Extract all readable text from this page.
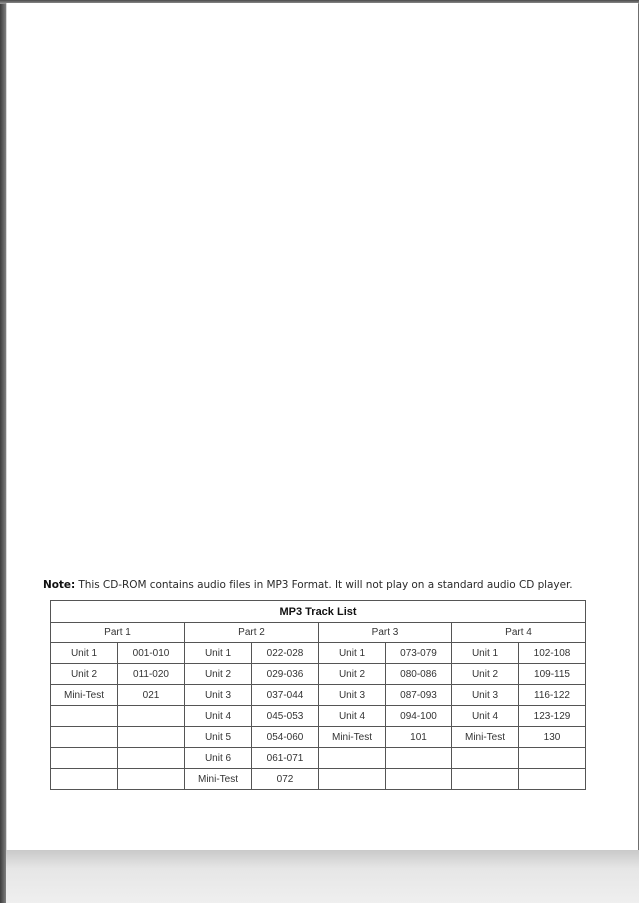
Note: This CD-ROM contains audio files in MP3 Format. It will not play on a standard audio CD player.
MP3 Track List							
Part 1		Part 2		Part 3		Part 4	
Unit 1	001-010	Unit 1	022-028	Unit 1	073-079	Unit 1	102-108
Unit 2	011-020	Unit 2	029-036	Unit 2	080-086	Unit 2	109-115
Mini-Test	021	Unit 3	037-044	Unit 3	087-093	Unit 3	116-122
		Unit 4	045-053	Unit 4	094-100	Unit 4	123-129
		Unit 5	054-060	Mini-Test	101	Mini-Test	130
		Unit 6	061-071				
		Mini-Test	072				
